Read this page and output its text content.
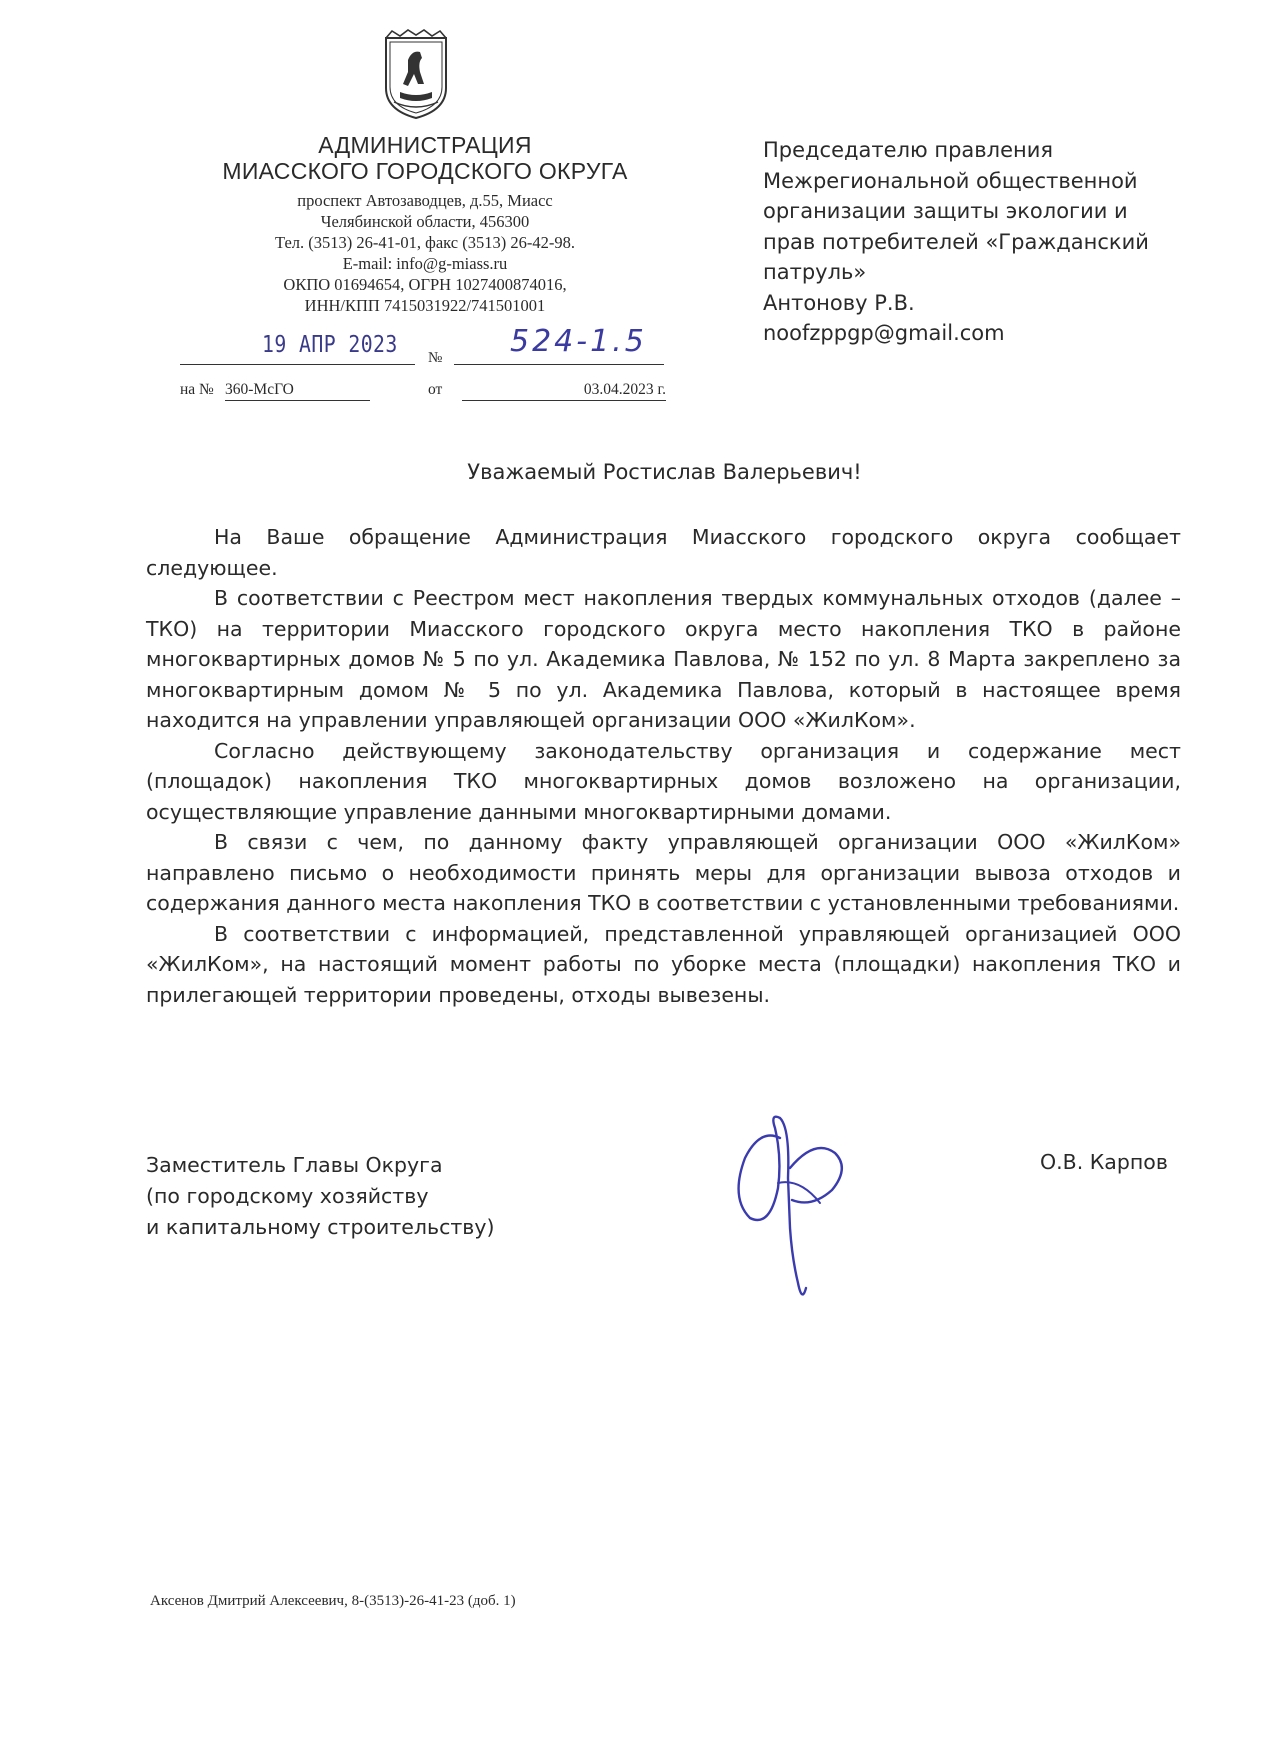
АДМИНИСТРАЦИЯ
МИАССКОГО ГОРОДСКОГО ОКРУГА
проспект Автозаводцев, д.55, Миасс
Челябинской области, 456300
Тел. (3513) 26-41-01, факс (3513) 26-42-98.
E-mail: info@g-miass.ru
ОКПО 01694654, ОГРН 1027400874016,
ИНН/КПП 7415031922/741501001
19 АПР 2023 № 524-1.5
на № 360-МсГО	от	03.04.2023 г.
Председателю правления
Межрегиональной общественной
организации защиты экологии и
прав потребителей «Гражданский
патруль»
Антонову Р.В.
noofzppgp@gmail.com
Уважаемый Ростислав Валерьевич!

На Ваше обращение Администрация Миасского городского округа сообщает следующее.

В соответствии с Реестром мест накопления твердых коммунальных отходов (далее – ТКО) на территории Миасского городского округа место накопления ТКО в районе многоквартирных домов № 5 по ул. Академика Павлова, № 152 по ул. 8 Марта закреплено за многоквартирным домом № 5 по ул. Академика Павлова, который в настоящее время находится на управлении управляющей организации ООО «ЖилКом».

Согласно действующему законодательству организация и содержание мест (площадок) накопления ТКО многоквартирных домов возложено на организации, осуществляющие управление данными многоквартирными домами.

В связи с чем, по данному факту управляющей организации ООО «ЖилКом» направлено письмо о необходимости принять меры для организации вывоза отходов и содержания данного места накопления ТКО в соответствии с установленными требованиями.

В соответствии с информацией, представленной управляющей организацией ООО «ЖилКом», на настоящий момент работы по уборке места (площадки) накопления ТКО и прилегающей территории проведены, отходы вывезены.

Заместитель Главы Округа
(по городскому хозяйству
и капитальному строительству)
О.В. Карпов
Аксенов Дмитрий Алексеевич, 8-(3513)-26-41-23 (доб. 1)
